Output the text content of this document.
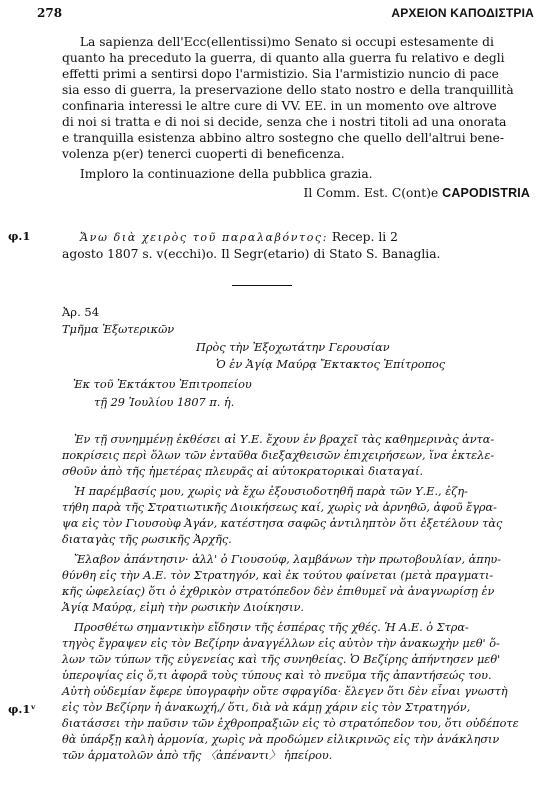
278	ΑΡΧΕΙΟΝ ΚΑΠΟΔΙΣΤΡΙΑ
La sapienza dell'Ecc(ellentissi)mo Senato si occupi estesamente di
quanto ha preceduto la guerra, di quanto alla guerra fu relativo e degli
effetti primi a sentirsi dopo l'armistizio. Sia l'armistizio nuncio di pace
sia esso di guerra, la preservazione dello stato nostro e della tranquillità
confinaria interessi le altre cure di VV. EE. in un momento ove altrove
di noi si tratta e di noi si decide, senza che i nostri titoli ad una onorata
e tranquilla esistenza abbino altro sostegno che quello dell'altrui bene-
volenza p(er) tenerci cuoperti di beneficenza.
Imploro la continuazione della pubblica grazia.
Il Comm. Est. C(ont)e CAPODISTRIA
φ.1	Ἄνω διὰ χειρὸς τοῦ παραλαβόντος: Recep. li 2
agosto 1807 s. v(ecchi)o. Il Segr(etario) di Stato S. Banaglia.
Ἀρ. 54
Τμῆμα Ἐξωτερικῶν
Πρὸς τὴν Ἐξοχωτάτην Γερουσίαν
Ὁ ἐν Ἁγίᾳ Μαύρᾳ Ἔκτακτος Ἐπίτροπος
Ἐκ τοῦ Ἐκτάκτου Ἐπιτροπείου
τῇ 29 Ἰουλίου 1807 π. ἡ.
Ἐν τῇ συνημμένῃ ἐκθέσει αἱ Υ.Ε. ἔχουν ἐν βραχεῖ τὰς καθημερινὰς ἀντα-
ποκρίσεις περὶ ὅλων τῶν ἐνταῦθα διεξαχθεισῶν ἐπιχειρήσεων, ἵνα ἐκτελε-
σθοῦν ἀπὸ τῆς ἡμετέρας πλευρᾶς αἱ αὐτοκρατορικαὶ διαταγαί.
Ἡ παρέμβασίς μου, χωρὶς νὰ ἔχω ἐξουσιοδοτηθῆ παρὰ τῶν Υ.Ε., ἐζη-
τήθη παρὰ τῆς Στρατιωτικῆς Διοικήσεως καί, χωρὶς νὰ ἀρνηθῶ, ἀφοῦ ἔγρα-
ψα εἰς τὸν Γιουσοὺφ Ἀγάν, κατέστησα σαφῶς ἀντιληπτὸν ὅτι ἐξετέλουν τὰς
διαταγὰς τῆς ρωσικῆς Ἀρχῆς.
Ἔλαβον ἀπάντησιν· ἀλλ' ὁ Γιουσούφ, λαμβάνων τὴν πρωτοβουλίαν, ἀπηυ-
θύνθη εἰς τὴν Α.Ε. τὸν Στρατηγόν, καὶ ἐκ τούτου φαίνεται (μετὰ πραγματι-
κῆς ὠφελείας) ὅτι ὁ ἐχθρικὸν στρατόπεδον δὲν ἐπιθυμεῖ νὰ ἀναγνωρίσῃ ἐν
Ἁγίᾳ Μαύρᾳ, εἰμὴ τὴν ρωσικὴν Διοίκησιν.
Προσθέτω σημαντικὴν εἴδησιν τῆς ἑσπέρας τῆς χθές. Ἡ Α.Ε. ὁ Στρα-
τηγὸς ἔγραψεν εἰς τὸν Βεζίρην ἀναγγέλλων εἰς αὐτὸν τὴν ἀνακωχὴν μεθ' ὅ-
λων τῶν τύπων τῆς εὐγενείας καὶ τῆς συνηθείας. Ὁ Βεζίρης ἀπήντησεν μεθ'
ὑπεροψίας εἰς ὅ,τι ἀφορᾶ τοὺς τύπους καὶ τὸ πνεῦμα τῆς ἀπαντήσεώς του.
Αὐτὴ οὐδεμίαν ἔφερε ὑπογραφὴν οὔτε σφραγίδα· ἔλεγεν ὅτι δὲν εἶναι γνωστὴ
εἰς τὸν Βεζίρην ἡ ἀνακωχή,/ ὅτι, διὰ νὰ κάμῃ χάριν εἰς τὸν Στρατηγόν,
διατάσσει τὴν παῦσιν τῶν ἐχθροπραξιῶν εἰς τὸ στρατόπεδον του, ὅτι οὐδέποτε
θὰ ὑπάρξῃ καλὴ ἁρμονία, χωρὶς νὰ προδώμεν εἰλικρινῶς εἰς τὴν ἀνάκλησιν
τῶν ἁρματολῶν ἀπὸ τῆς 〈ἀπέναντι〉 ἠπείρου.
φ.1ᵛ
